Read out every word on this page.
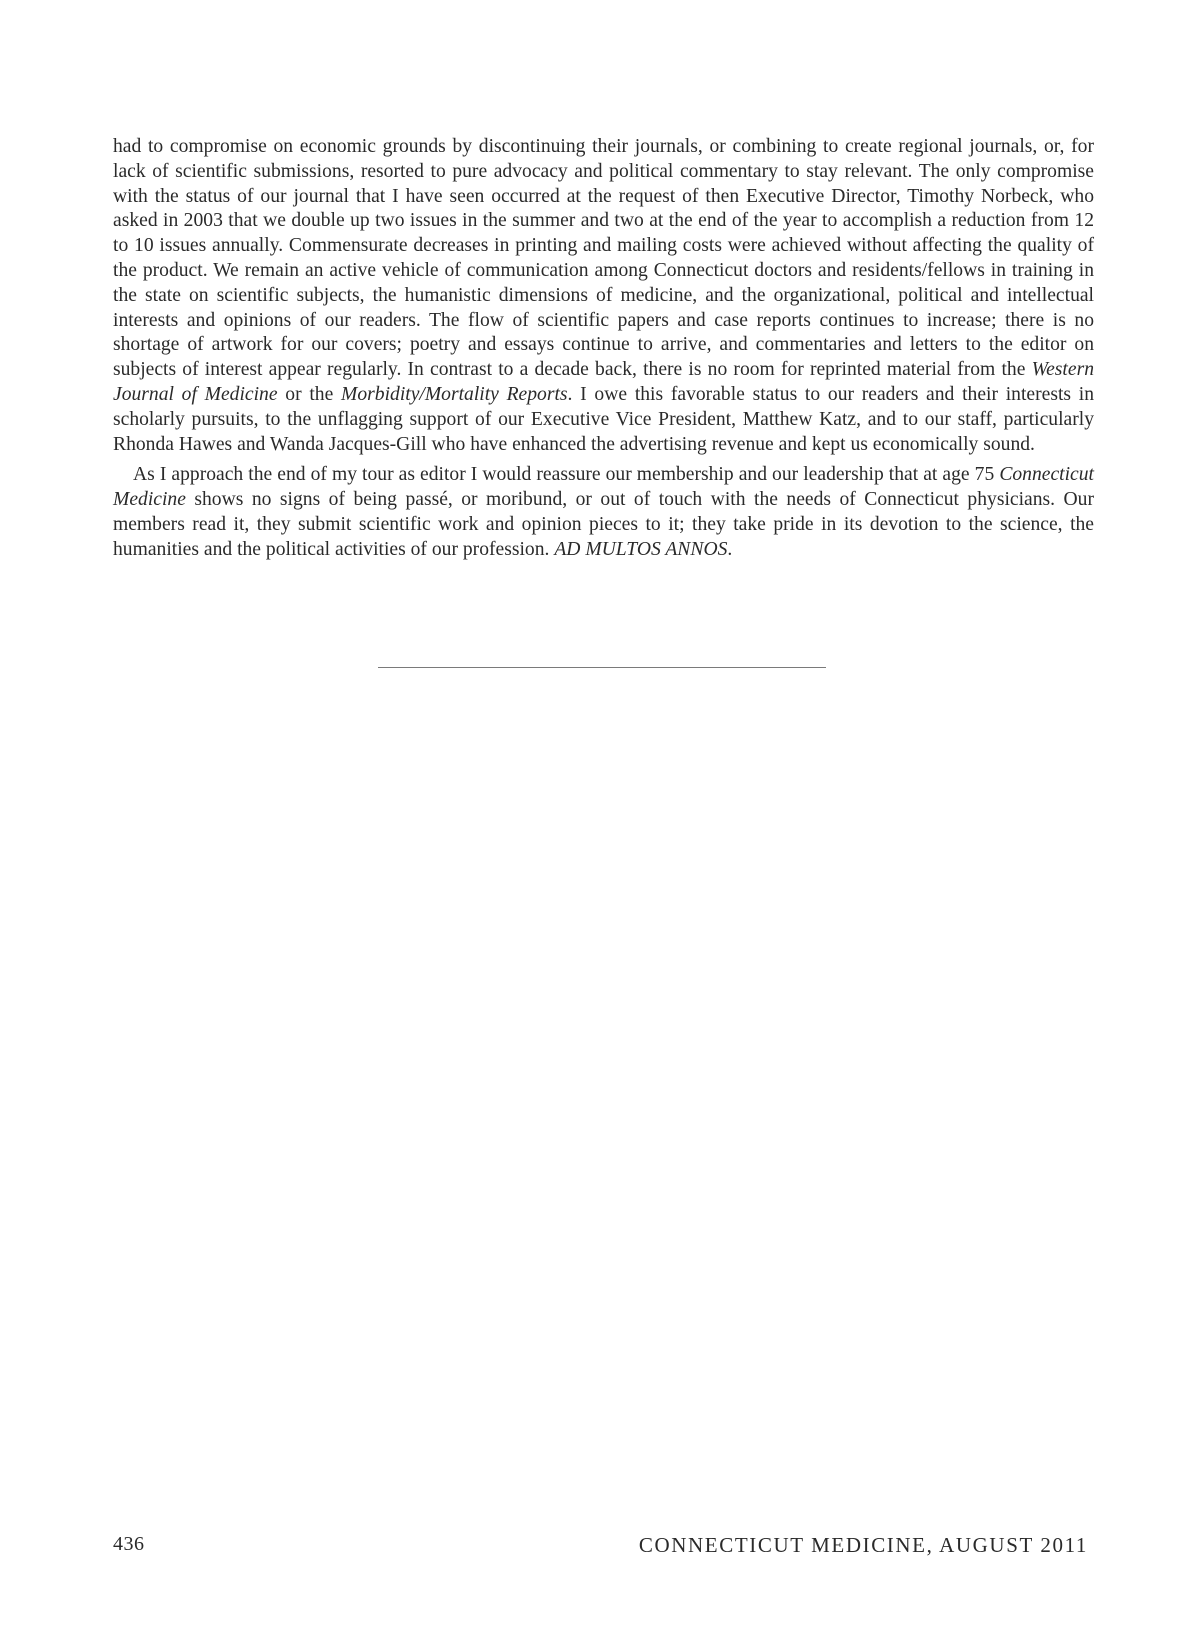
had to compromise on economic grounds by discontinuing their journals, or combining to create regional journals, or, for lack of scientific submissions, resorted to pure advocacy and political commentary to stay relevant. The only compromise with the status of our journal that I have seen occurred at the request of then Executive Director, Timothy Norbeck, who asked in 2003 that we double up two issues in the summer and two at the end of the year to accomplish a reduction from 12 to 10 issues annually. Commensurate decreases in printing and mailing costs were achieved without affecting the quality of the product. We remain an active vehicle of communication among Connecticut doctors and residents/fellows in training in the state on scientific subjects, the humanistic dimensions of medicine, and the organizational, political and intellectual interests and opinions of our readers. The flow of scientific papers and case reports continues to increase; there is no shortage of artwork for our covers; poetry and essays continue to arrive, and commentaries and letters to the editor on subjects of interest appear regularly. In contrast to a decade back, there is no room for reprinted material from the Western Journal of Medicine or the Morbidity/Mortality Reports. I owe this favorable status to our readers and their interests in scholarly pursuits, to the unflagging support of our Executive Vice President, Matthew Katz, and to our staff, particularly Rhonda Hawes and Wanda Jacques-Gill who have enhanced the advertising revenue and kept us economically sound.

As I approach the end of my tour as editor I would reassure our membership and our leadership that at age 75 Connecticut Medicine shows no signs of being passé, or moribund, or out of touch with the needs of Connecticut physicians. Our members read it, they submit scientific work and opinion pieces to it; they take pride in its devotion to the science, the humanities and the political activities of our profession. AD MULTOS ANNOS.

436	CONNECTICUT MEDICINE, AUGUST 2011
